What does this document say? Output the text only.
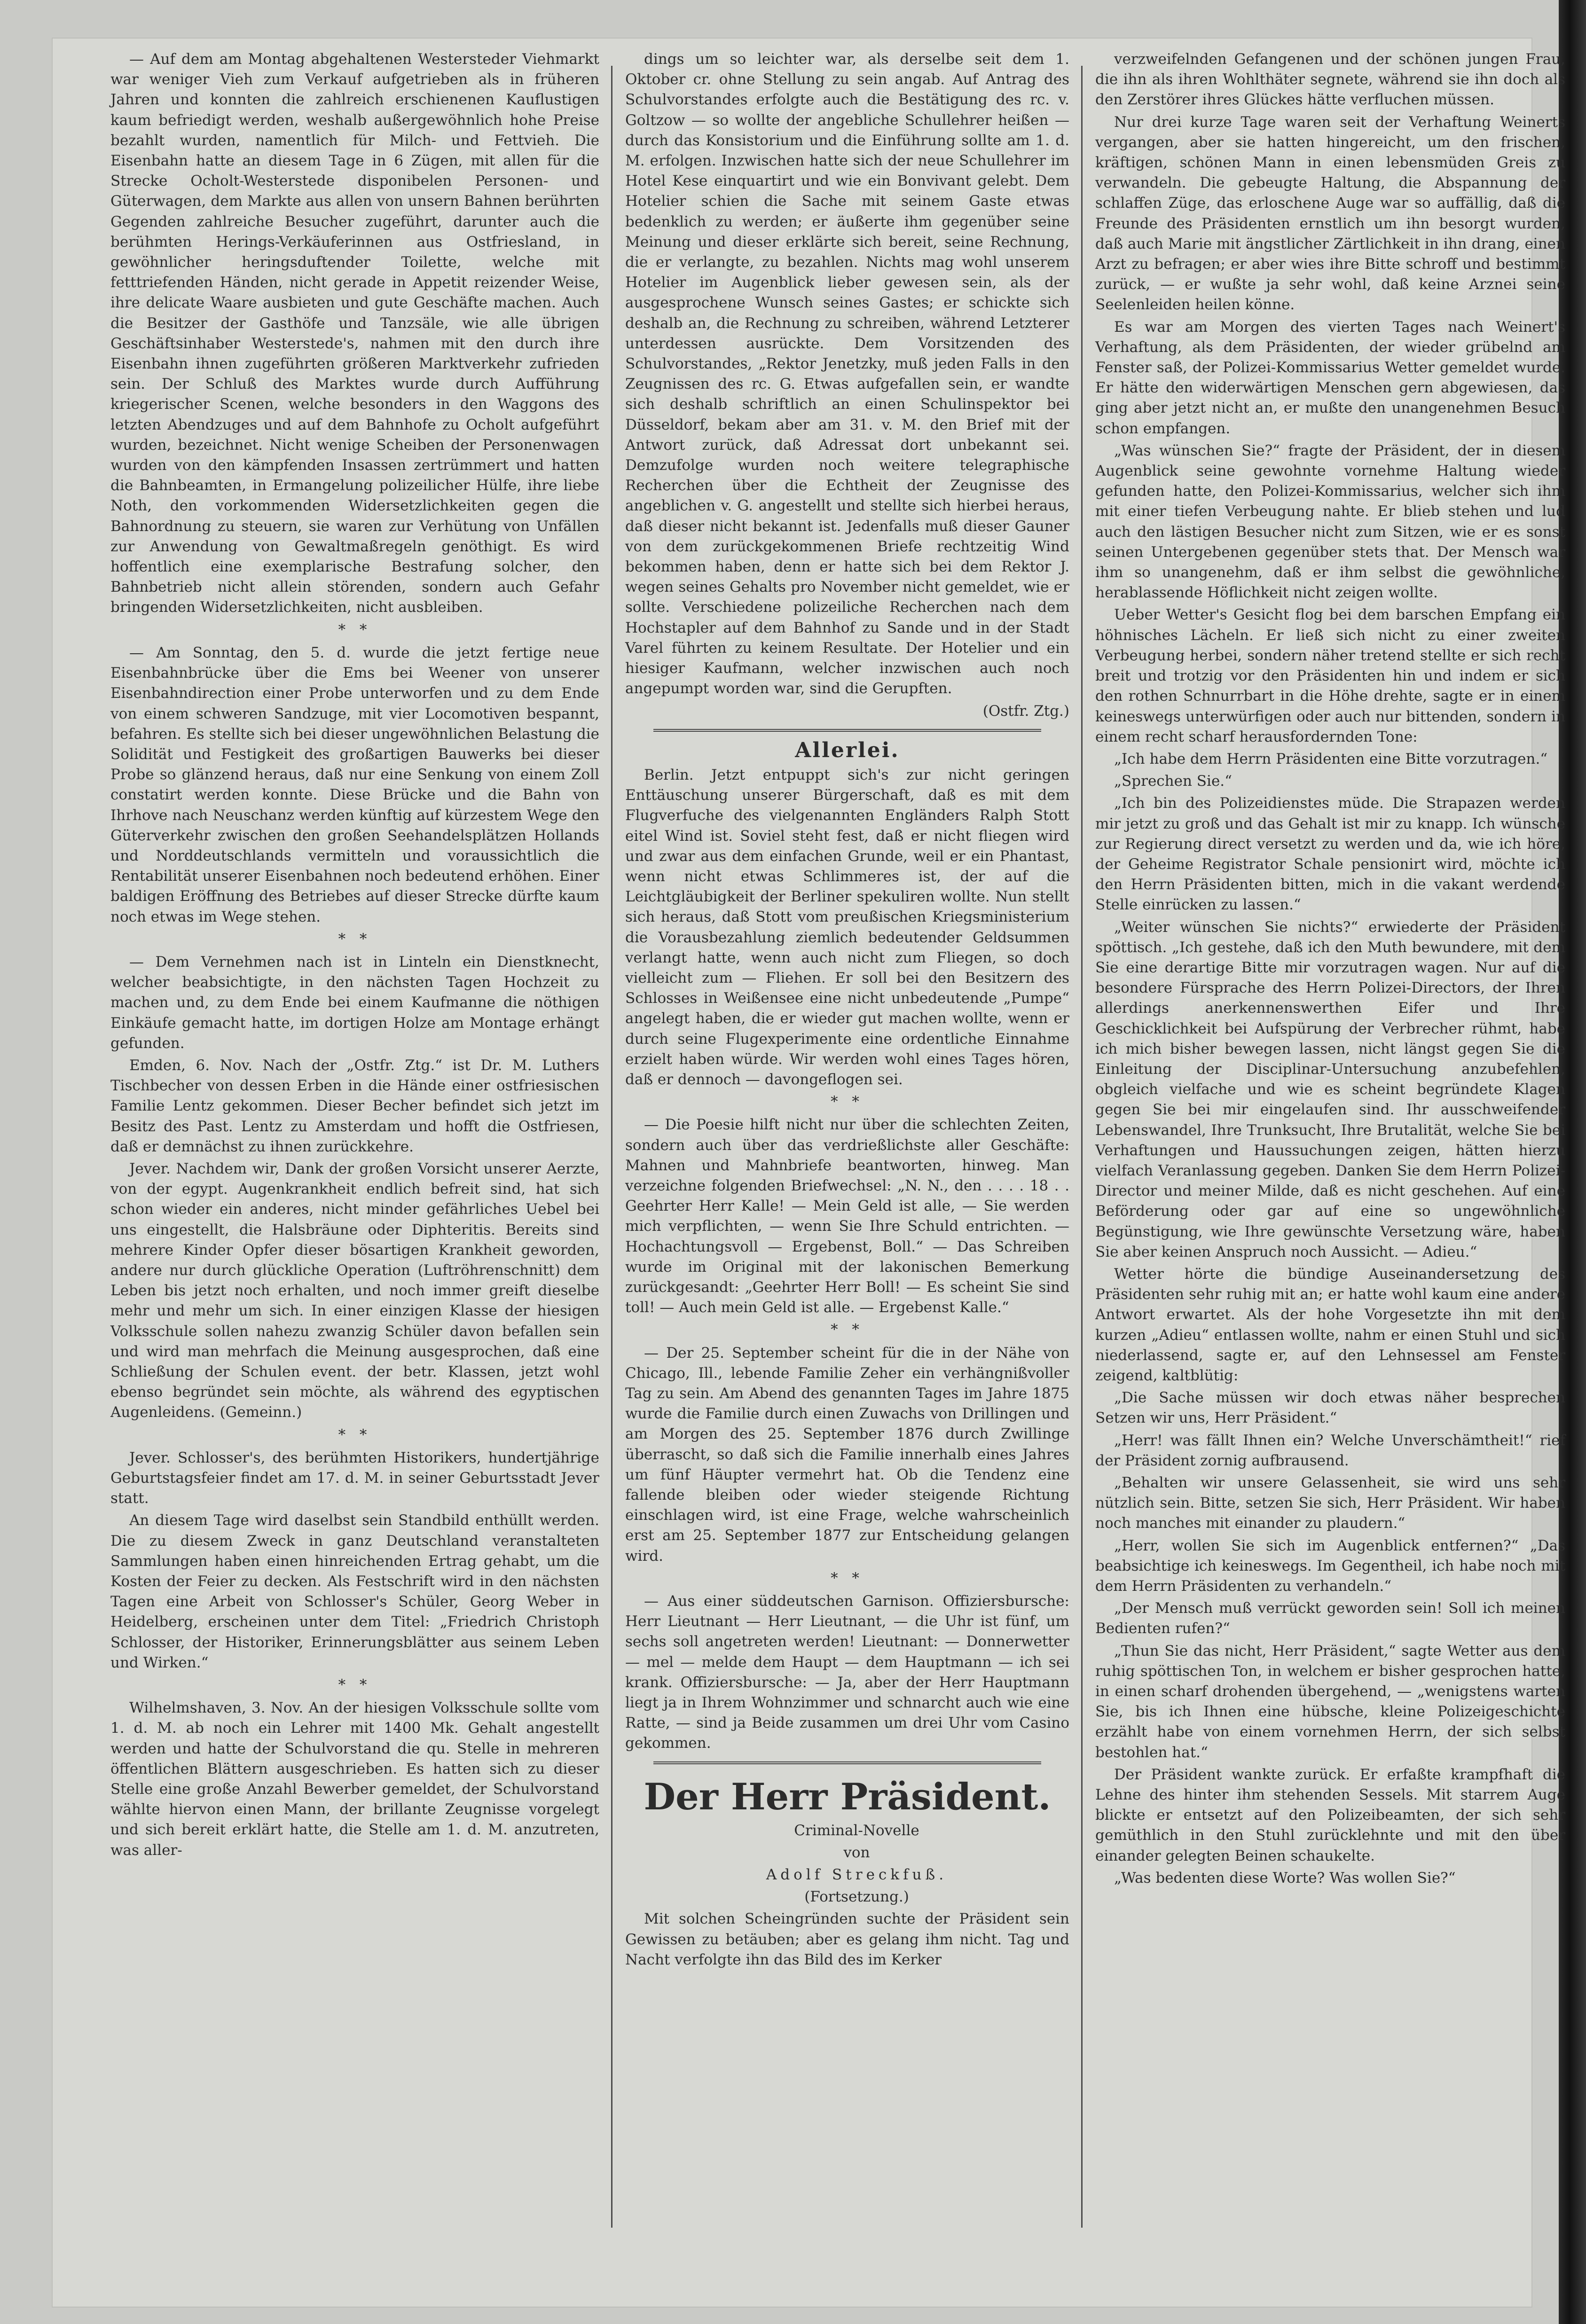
— Auf dem am Montag abgehaltenen Westersteder Viehmarkt war weniger Vieh zum Verkauf aufgetrieben als in früheren Jahren und konnten die zahlreich erschienenen Kauflustigen kaum befriedigt werden, weshalb außergewöhnlich hohe Preise bezahlt wurden, namentlich für Milch- und Fettvieh. Die Eisenbahn hatte an diesem Tage in 6 Zügen, mit allen für die Strecke Ocholt-Westerstede disponibelen Personen- und Güterwagen, dem Markte aus allen von unsern Bahnen berührten Gegenden zahlreiche Besucher zugeführt, darunter auch die berühmten Herings-Verkäuferinnen aus Ostfriesland, in gewöhnlicher heringsduftender Toilette, welche mit fetttriefenden Händen, nicht gerade in Appetit reizender Weise, ihre delicate Waare ausbieten und gute Geschäfte machen. Auch die Besitzer der Gasthöfe und Tanzsäle, wie alle übrigen Geschäftsinhaber Westerstede's, nahmen mit den durch ihre Eisenbahn ihnen zugeführten größeren Marktverkehr zufrieden sein. Der Schluß des Marktes wurde durch Aufführung kriegerischer Scenen, welche besonders in den Waggons des letzten Abendzuges und auf dem Bahnhofe zu Ocholt aufgeführt wurden, bezeichnet. Nicht wenige Scheiben der Personenwagen wurden von den kämpfenden Insassen zertrümmert und hatten die Bahnbeamten, in Ermangelung polizeilicher Hülfe, ihre liebe Noth, den vorkommenden Widersetzlichkeiten gegen die Bahnordnung zu steuern, sie waren zur Verhütung von Unfällen zur Anwendung von Gewaltmaßregeln genöthigt. Es wird hoffentlich eine exemplarische Bestrafung solcher, den Bahnbetrieb nicht allein störenden, sondern auch Gefahr bringenden Widersetzlichkeiten, nicht ausbleiben.

* *

— Am Sonntag, den 5. d. wurde die jetzt fertige neue Eisenbahnbrücke über die Ems bei Weener von unserer Eisenbahndirection einer Probe unterworfen und zu dem Ende von einem schweren Sandzuge, mit vier Locomotiven bespannt, befahren. Es stellte sich bei dieser ungewöhnlichen Belastung die Solidität und Festigkeit des großartigen Bauwerks bei dieser Probe so glänzend heraus, daß nur eine Senkung von einem Zoll constatirt werden konnte. Diese Brücke und die Bahn von Ihrhove nach Neuschanz werden künftig auf kürzestem Wege den Güterverkehr zwischen den großen Seehandelsplätzen Hollands und Norddeutschlands vermitteln und voraussichtlich die Rentabilität unserer Eisenbahnen noch bedeutend erhöhen. Einer baldigen Eröffnung des Betriebes auf dieser Strecke dürfte kaum noch etwas im Wege stehen.

* *

— Dem Vernehmen nach ist in Linteln ein Dienstknecht, welcher beabsichtigte, in den nächsten Tagen Hochzeit zu machen und, zu dem Ende bei einem Kaufmanne die nöthigen Einkäufe gemacht hatte, im dortigen Holze am Montage erhängt gefunden.

Emden, 6. Nov. Nach der „Ostfr. Ztg.“ ist Dr. M. Luthers Tischbecher von dessen Erben in die Hände einer ostfriesischen Familie Lentz gekommen. Dieser Becher befindet sich jetzt im Besitz des Past. Lentz zu Amsterdam und hofft die Ostfriesen, daß er demnächst zu ihnen zurückkehre.

Jever. Nachdem wir, Dank der großen Vorsicht unserer Aerzte, von der egypt. Augenkrankheit endlich befreit sind, hat sich schon wieder ein anderes, nicht minder gefährliches Uebel bei uns eingestellt, die Halsbräune oder Diphteritis. Bereits sind mehrere Kinder Opfer dieser bösartigen Krankheit geworden, andere nur durch glückliche Operation (Luftröhrenschnitt) dem Leben bis jetzt noch erhalten, und noch immer greift dieselbe mehr und mehr um sich. In einer einzigen Klasse der hiesigen Volksschule sollen nahezu zwanzig Schüler davon befallen sein und wird man mehrfach die Meinung ausgesprochen, daß eine Schließung der Schulen event. der betr. Klassen, jetzt wohl ebenso begründet sein möchte, als während des egyptischen Augenleidens. (Gemeinn.)

* *

Jever. Schlosser's, des berühmten Historikers, hundertjährige Geburtstagsfeier findet am 17. d. M. in seiner Geburtsstadt Jever statt.

An diesem Tage wird daselbst sein Standbild enthüllt werden. Die zu diesem Zweck in ganz Deutschland veranstalteten Sammlungen haben einen hinreichenden Ertrag gehabt, um die Kosten der Feier zu decken. Als Festschrift wird in den nächsten Tagen eine Arbeit von Schlosser's Schüler, Georg Weber in Heidelberg, erscheinen unter dem Titel: „Friedrich Christoph Schlosser, der Historiker, Erinnerungsblätter aus seinem Leben und Wirken.“

* *

Wilhelmshaven, 3. Nov. An der hiesigen Volksschule sollte vom 1. d. M. ab noch ein Lehrer mit 1400 Mk. Gehalt angestellt werden und hatte der Schulvorstand die qu. Stelle in mehreren öffentlichen Blättern ausgeschrieben. Es hatten sich zu dieser Stelle eine große Anzahl Bewerber gemeldet, der Schulvorstand wählte hiervon einen Mann, der brillante Zeugnisse vorgelegt und sich bereit erklärt hatte, die Stelle am 1. d. M. anzutreten, was aller-

dings um so leichter war, als derselbe seit dem 1. Oktober cr. ohne Stellung zu sein angab. Auf Antrag des Schulvorstandes erfolgte auch die Bestätigung des rc. v. Goltzow — so wollte der angebliche Schullehrer heißen — durch das Konsistorium und die Einführung sollte am 1. d. M. erfolgen. Inzwischen hatte sich der neue Schullehrer im Hotel Kese einquartirt und wie ein Bonvivant gelebt. Dem Hotelier schien die Sache mit seinem Gaste etwas bedenklich zu werden; er äußerte ihm gegenüber seine Meinung und dieser erklärte sich bereit, seine Rechnung, die er verlangte, zu bezahlen. Nichts mag wohl unserem Hotelier im Augenblick lieber gewesen sein, als der ausgesprochene Wunsch seines Gastes; er schickte sich deshalb an, die Rechnung zu schreiben, während Letzterer unterdessen ausrückte. Dem Vorsitzenden des Schulvorstandes, „Rektor Jenetzky, muß jeden Falls in den Zeugnissen des rc. G. Etwas aufgefallen sein, er wandte sich deshalb schriftlich an einen Schulinspektor bei Düsseldorf, bekam aber am 31. v. M. den Brief mit der Antwort zurück, daß Adressat dort unbekannt sei. Demzufolge wurden noch weitere telegraphische Recherchen über die Echtheit der Zeugnisse des angeblichen v. G. angestellt und stellte sich hierbei heraus, daß dieser nicht bekannt ist. Jedenfalls muß dieser Gauner von dem zurückgekommenen Briefe rechtzeitig Wind bekommen haben, denn er hatte sich bei dem Rektor J. wegen seines Gehalts pro November nicht gemeldet, wie er sollte. Verschiedene polizeiliche Recherchen nach dem Hochstapler auf dem Bahnhof zu Sande und in der Stadt Varel führten zu keinem Resultate. Der Hotelier und ein hiesiger Kaufmann, welcher inzwischen auch noch angepumpt worden war, sind die Gerupften.

(Ostfr. Ztg.)

Allerlei.

Berlin. Jetzt entpuppt sich's zur nicht geringen Enttäuschung unserer Bürgerschaft, daß es mit dem Flugverfuche des vielgenannten Engländers Ralph Stott eitel Wind ist. Soviel steht fest, daß er nicht fliegen wird und zwar aus dem einfachen Grunde, weil er ein Phantast, wenn nicht etwas Schlimmeres ist, der auf die Leichtgläubigkeit der Berliner spekuliren wollte. Nun stellt sich heraus, daß Stott vom preußischen Kriegsministerium die Vorausbezahlung ziemlich bedeutender Geldsummen verlangt hatte, wenn auch nicht zum Fliegen, so doch vielleicht zum — Fliehen. Er soll bei den Besitzern des Schlosses in Weißensee eine nicht unbedeutende „Pumpe“ angelegt haben, die er wieder gut machen wollte, wenn er durch seine Flugexperimente eine ordentliche Einnahme erzielt haben würde. Wir werden wohl eines Tages hören, daß er dennoch — davongeflogen sei.

* *

— Die Poesie hilft nicht nur über die schlechten Zeiten, sondern auch über das verdrießlichste aller Geschäfte: Mahnen und Mahnbriefe beantworten, hinweg. Man verzeichne folgenden Briefwechsel: „N. N., den . . . . 18 . . Geehrter Herr Kalle! — Mein Geld ist alle, — Sie werden mich verpflichten, — wenn Sie Ihre Schuld entrichten. — Hochachtungsvoll — Ergebenst, Boll.“ — Das Schreiben wurde im Original mit der lakonischen Bemerkung zurückgesandt: „Geehrter Herr Boll! — Es scheint Sie sind toll! — Auch mein Geld ist alle. — Ergebenst Kalle.“

* *

— Der 25. September scheint für die in der Nähe von Chicago, Ill., lebende Familie Zeher ein verhängnißvoller Tag zu sein. Am Abend des genannten Tages im Jahre 1875 wurde die Familie durch einen Zuwachs von Drillingen und am Morgen des 25. September 1876 durch Zwillinge überrascht, so daß sich die Familie innerhalb eines Jahres um fünf Häupter vermehrt hat. Ob die Tendenz eine fallende bleiben oder wieder steigende Richtung einschlagen wird, ist eine Frage, welche wahrscheinlich erst am 25. September 1877 zur Entscheidung gelangen wird.

* *

— Aus einer süddeutschen Garnison. Offiziersbursche: Herr Lieutnant — Herr Lieutnant, — die Uhr ist fünf, um sechs soll angetreten werden! Lieutnant: — Donnerwetter — mel — melde dem Haupt — dem Hauptmann — ich sei krank. Offiziersbursche: — Ja, aber der Herr Hauptmann liegt ja in Ihrem Wohnzimmer und schnarcht auch wie eine Ratte, — sind ja Beide zusammen um drei Uhr vom Casino gekommen.

Der Herr Präsident.

Criminal-Novelle

von

Adolf Streckfuß.

(Fortsetzung.)

Mit solchen Scheingründen suchte der Präsident sein Gewissen zu betäuben; aber es gelang ihm nicht. Tag und Nacht verfolgte ihn das Bild des im Kerker

verzweifelnden Gefangenen und der schönen jungen Frau, die ihn als ihren Wohlthäter segnete, während sie ihn doch als den Zerstörer ihres Glückes hätte verfluchen müssen.

Nur drei kurze Tage waren seit der Verhaftung Weinerts vergangen, aber sie hatten hingereicht, um den frischen, kräftigen, schönen Mann in einen lebensmüden Greis zu verwandeln. Die gebeugte Haltung, die Abspannung der schlaffen Züge, das erloschene Auge war so auffällig, daß die Freunde des Präsidenten ernstlich um ihn besorgt wurden, daß auch Marie mit ängstlicher Zärtlichkeit in ihn drang, einen Arzt zu befragen; er aber wies ihre Bitte schroff und bestimmt zurück, — er wußte ja sehr wohl, daß keine Arznei seine Seelenleiden heilen könne.

Es war am Morgen des vierten Tages nach Weinert's Verhaftung, als dem Präsidenten, der wieder grübelnd am Fenster saß, der Polizei-Kommissarius Wetter gemeldet wurde. Er hätte den widerwärtigen Menschen gern abgewiesen, das ging aber jetzt nicht an, er mußte den unangenehmen Besuch schon empfangen.

„Was wünschen Sie?“ fragte der Präsident, der in diesem Augenblick seine gewohnte vornehme Haltung wieder gefunden hatte, den Polizei-Kommissarius, welcher sich ihm mit einer tiefen Verbeugung nahte. Er blieb stehen und lud auch den lästigen Besucher nicht zum Sitzen, wie er es sonst seinen Untergebenen gegenüber stets that. Der Mensch war ihm so unangenehm, daß er ihm selbst die gewöhnliche, herablassende Höflichkeit nicht zeigen wollte.

Ueber Wetter's Gesicht flog bei dem barschen Empfang ein höhnisches Lächeln. Er ließ sich nicht zu einer zweiten Verbeugung herbei, sondern näher tretend stellte er sich recht breit und trotzig vor den Präsidenten hin und indem er sich den rothen Schnurrbart in die Höhe drehte, sagte er in einem keineswegs unterwürfigen oder auch nur bittenden, sondern in einem recht scharf herausfordernden Tone:

„Ich habe dem Herrn Präsidenten eine Bitte vorzutragen.“

„Sprechen Sie.“

„Ich bin des Polizeidienstes müde. Die Strapazen werden mir jetzt zu groß und das Gehalt ist mir zu knapp. Ich wünsche zur Regierung direct versetzt zu werden und da, wie ich höre, der Geheime Registrator Schale pensionirt wird, möchte ich den Herrn Präsidenten bitten, mich in die vakant werdende Stelle einrücken zu lassen.“

„Weiter wünschen Sie nichts?“ erwiederte der Präsident spöttisch. „Ich gestehe, daß ich den Muth bewundere, mit dem Sie eine derartige Bitte mir vorzutragen wagen. Nur auf die besondere Fürsprache des Herrn Polizei-Directors, der Ihren allerdings anerkennenswerthen Eifer und Ihre Geschicklichkeit bei Aufspürung der Verbrecher rühmt, habe ich mich bisher bewegen lassen, nicht längst gegen Sie die Einleitung der Disciplinar-Untersuchung anzubefehlen, obgleich vielfache und wie es scheint begründete Klagen gegen Sie bei mir eingelaufen sind. Ihr ausschweifender Lebenswandel, Ihre Trunksucht, Ihre Brutalität, welche Sie bei Verhaftungen und Haussuchungen zeigen, hätten hierzu vielfach Veranlassung gegeben. Danken Sie dem Herrn Polizei-Director und meiner Milde, daß es nicht geschehen. Auf eine Beförderung oder gar auf eine so ungewöhnliche Begünstigung, wie Ihre gewünschte Versetzung wäre, haben Sie aber keinen Anspruch noch Aussicht. — Adieu.“

Wetter hörte die bündige Auseinandersetzung des Präsidenten sehr ruhig mit an; er hatte wohl kaum eine andere Antwort erwartet. Als der hohe Vorgesetzte ihn mit dem kurzen „Adieu“ entlassen wollte, nahm er einen Stuhl und sich niederlassend, sagte er, auf den Lehnsessel am Fenster zeigend, kaltblütig:

„Die Sache müssen wir doch etwas näher besprechen Setzen wir uns, Herr Präsident.“

„Herr! was fällt Ihnen ein? Welche Unverschämtheit!“ rief der Präsident zornig aufbrausend.

„Behalten wir unsere Gelassenheit, sie wird uns sehr nützlich sein. Bitte, setzen Sie sich, Herr Präsident. Wir haben noch manches mit einander zu plaudern.“

„Herr, wollen Sie sich im Augenblick entfernen?“ „Das beabsichtige ich keineswegs. Im Gegentheil, ich habe noch mit dem Herrn Präsidenten zu verhandeln.“

„Der Mensch muß verrückt geworden sein! Soll ich meinen Bedienten rufen?“

„Thun Sie das nicht, Herr Präsident,“ sagte Wetter aus dem ruhig spöttischen Ton, in welchem er bisher gesprochen hatte, in einen scharf drohenden übergehend, — „wenigstens warten Sie, bis ich Ihnen eine hübsche, kleine Polizeigeschichte erzählt habe von einem vornehmen Herrn, der sich selbst bestohlen hat.“

Der Präsident wankte zurück. Er erfaßte krampfhaft die Lehne des hinter ihm stehenden Sessels. Mit starrem Auge blickte er entsetzt auf den Polizeibeamten, der sich sehr gemüthlich in den Stuhl zurücklehnte und mit den über einander gelegten Beinen schaukelte.

„Was bedenten diese Worte? Was wollen Sie?“
